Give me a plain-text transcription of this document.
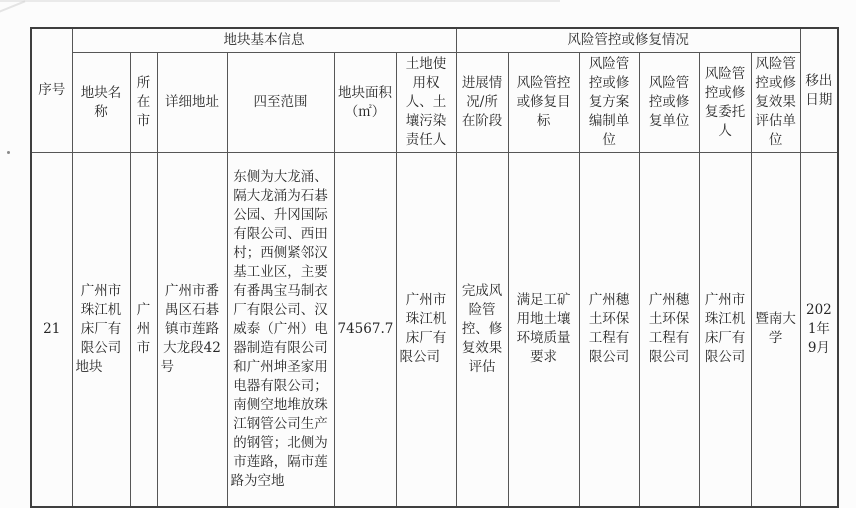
序号	地块基本信息						风险管控或修复情况						移出日期
	地块名称	所在市	详细地址	四至范围	地块面积（㎡）	土地使用权人、土壤污染责任人	进展情况/所在阶段	风险管控或修复目标	风险管控或修复方案编制单位	风险管控或修复单位	风险管控或修复委托人	风险管控或修复效果评估单位	
21	广州市珠江机床厂有限公司地块	广州市	广州市番禺区石碁镇市莲路大龙段42号	东侧为大龙涌、隔大龙涌为石碁公园、升冈国际有限公司、西田村；西侧紧邻汉基工业区，主要有番禺宝马制衣厂有限公司、汉威泰（广州）电器制造有限公司和广州坤圣家用电器有限公司；南侧空地堆放珠江钢管公司生产的钢管；北侧为市莲路，隔市莲路为空地	74567.7	广州市珠江机床厂有限公司	完成风险管控、修复效果评估	满足工矿用地土壤环境质量要求	广州穗土环保工程有限公司	广州穗土环保工程有限公司	广州市珠江机床厂有限公司	暨南大学	2021年9月
